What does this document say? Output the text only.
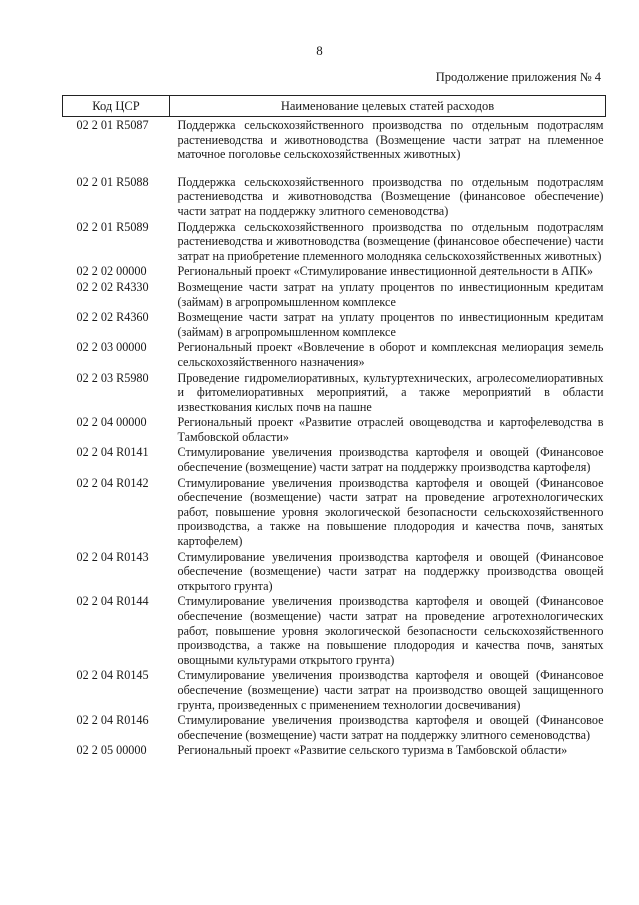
8
Продолжение приложения № 4
Код ЦСР	Наименование целевых статей расходов
02 2 01 R5087	Поддержка сельскохозяйственного производства по отдельным подотраслям растениеводства и животноводства (Возмещение части затрат на племенное маточное поголовье сельскохозяйственных животных)
02 2 01 R5088	Поддержка сельскохозяйственного производства по отдельным подотраслям растениеводства и животноводства (Возмещение (финансовое обеспечение) части затрат на поддержку элитного семеноводства)
02 2 01 R5089	Поддержка сельскохозяйственного производства по отдельным подотраслям растениеводства и животноводства (возмещение (финансовое обеспечение) части затрат на приобретение племенного молодняка сельскохозяйственных животных)
02 2 02 00000	Региональный проект «Стимулирование инвестиционной деятельности в АПК»
02 2 02 R4330	Возмещение части затрат на уплату процентов по инвестиционным кредитам (займам) в агропромышленном комплексе
02 2 02 R4360	Возмещение части затрат на уплату процентов по инвестиционным кредитам (займам) в агропромышленном комплексе
02 2 03 00000	Региональный проект «Вовлечение в оборот и комплексная мелиорация земель сельскохозяйственного назначения»
02 2 03 R5980	Проведение гидромелиоративных, культуртехнических, агролесомелиоративных и фитомелиоративных мероприятий, а также мероприятий в области известкования кислых почв на пашне
02 2 04 00000	Региональный проект «Развитие отраслей овощеводства и картофелеводства в Тамбовской области»
02 2 04 R0141	Стимулирование увеличения производства картофеля и овощей (Финансовое обеспечение (возмещение) части затрат на поддержку производства картофеля)
02 2 04 R0142	Стимулирование увеличения производства картофеля и овощей (Финансовое обеспечение (возмещение) части затрат на проведение агротехнологических работ, повышение уровня экологической безопасности сельскохозяйственного производства, а также на повышение плодородия и качества почв, занятых картофелем)
02 2 04 R0143	Стимулирование увеличения производства картофеля и овощей (Финансовое обеспечение (возмещение) части затрат на поддержку производства овощей открытого грунта)
02 2 04 R0144	Стимулирование увеличения производства картофеля и овощей (Финансовое обеспечение (возмещение) части затрат на проведение агротехнологических работ, повышение уровня экологической безопасности сельскохозяйственного производства, а также на повышение плодородия и качества почв, занятых овощными культурами открытого грунта)
02 2 04 R0145	Стимулирование увеличения производства картофеля и овощей (Финансовое обеспечение (возмещение) части затрат на производство овощей защищенного грунта, произведенных с применением технологии досвечивания)
02 2 04 R0146	Стимулирование увеличения производства картофеля и овощей (Финансовое обеспечение (возмещение) части затрат на поддержку элитного семеноводства)
02 2 05 00000	Региональный проект «Развитие сельского туризма в Тамбовской области»
